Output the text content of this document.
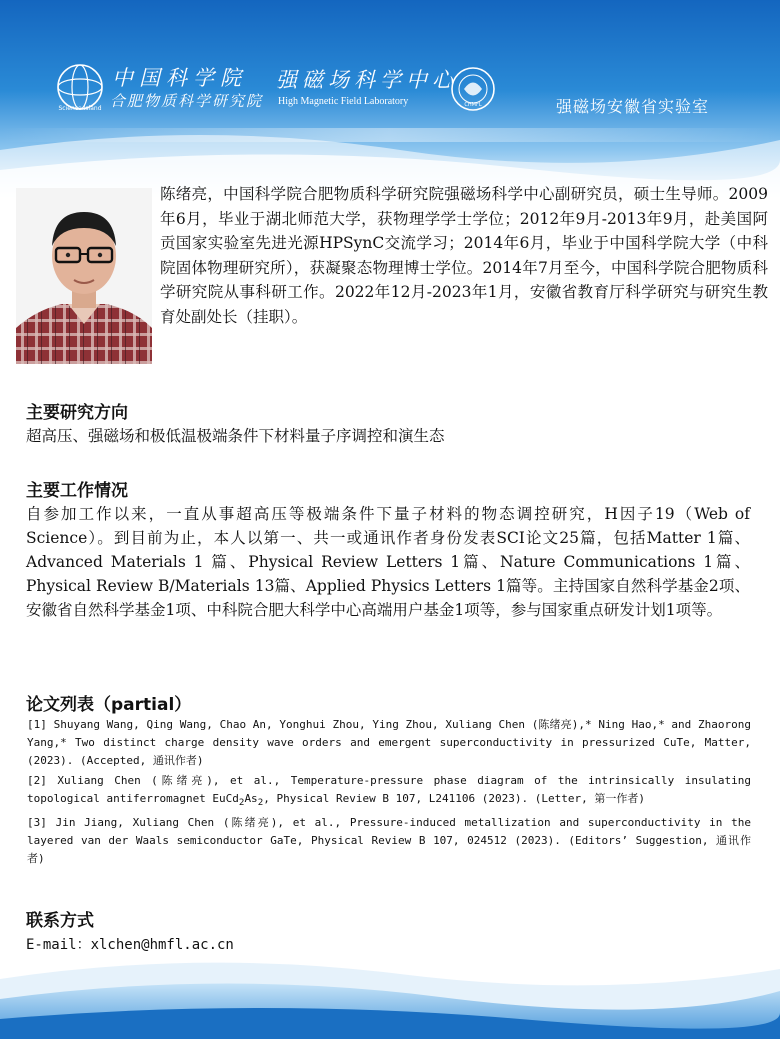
Science Island
中国科学院
合肥物质科学研究院
强磁场科学中心
High Magnetic Field Laboratory	CHMFL	强磁场安徽省实验室

陈绪亮，中国科学院合肥物质科学研究院强磁场科学中心副研究员，硕士生导师。2009年6月，毕业于湖北师范大学，获物理学学士学位；2012年9月-2013年9月，赴美国阿贡国家实验室先进光源HPSynC交流学习；2014年6月，毕业于中国科学院大学（中科院固体物理研究所），获凝聚态物理博士学位。2014年7月至今，中国科学院合肥物质科学研究院从事科研工作。2022年12月-2023年1月，安徽省教育厅科学研究与研究生教育处副处长（挂职）。

主要研究方向

超高压、强磁场和极低温极端条件下材料量子序调控和演生态

主要工作情况

自参加工作以来，一直从事超高压等极端条件下量子材料的物态调控研究，H因子19（Web of Science）。到目前为止，本人以第一、共一或通讯作者身份发表SCI论文25篇，包括Matter 1篇、Advanced Materials 1 篇、Physical Review Letters 1篇、Nature Communications 1篇、Physical Review B/Materials 13篇、Applied Physics Letters 1篇等。主持国家自然科学基金2项、安徽省自然科学基金1项、中科院合肥大科学中心高端用户基金1项等，参与国家重点研发计划1项等。

论文列表（partial）
[1] Shuyang Wang, Qing Wang, Chao An, Yonghui Zhou, Ying Zhou, Xuliang Chen (陈绪亮),* Ning Hao,* and Zhaorong Yang,* Two distinct charge density wave orders and emergent superconductivity in pressurized CuTe, Matter, (2023). (Accepted, 通讯作者)
[2] Xuliang Chen (陈绪亮), et al., Temperature-pressure phase diagram of the intrinsically insulating topological antiferromagnet $EuCd_2As_2$, Physical Review B 107, L241106 (2023). (Letter, 第一作者)
[3] Jin Jiang, Xuliang Chen (陈绪亮), et al., Pressure-induced metallization and superconductivity in the layered van der Waals semiconductor GaTe, Physical Review B 107, 024512 (2023). (Editors’ Suggestion, 通讯作者)
联系方式

E-mail：xlchen@hmfl.ac.cn
